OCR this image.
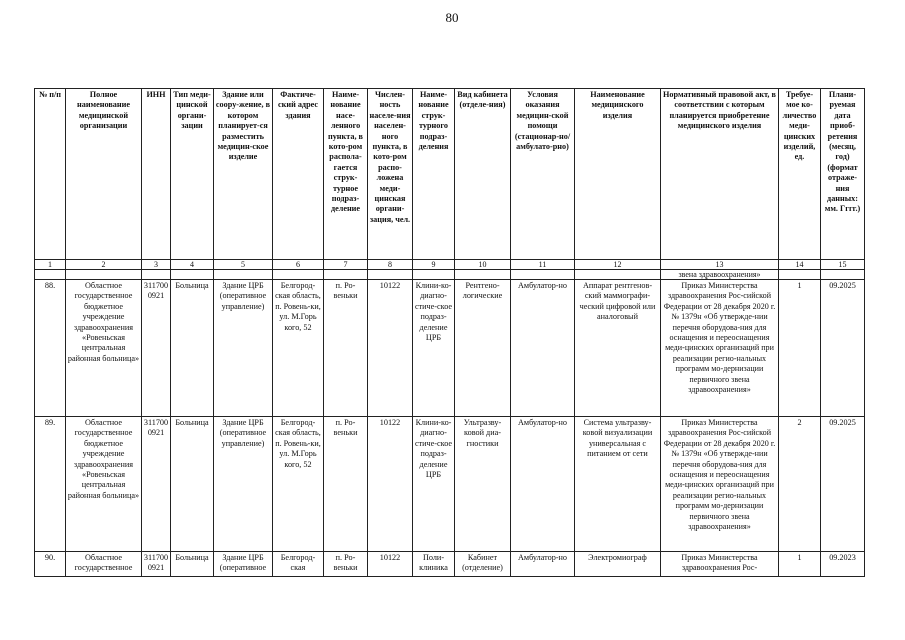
80
№ п/п	Полное наименование медицинской организации	ИНН	Тип меди-цинской органи-зации	Здание или соору-жение, в котором планирует-ся разместить медицин-ское изделие	Фактиче-ский адрес здания	Наиме-нование насе-ленного пункта, в кото-ром распола-гается струк-турное подраз-деление	Числен-ность населе-ния населен-ного пункта, в кото-ром распо-ложена меди-цинская органи-зация, чел.	Наиме-нование струк-турного подраз-деления	Вид кабинета (отделе-ния)	Условия оказания медицин-ской помощи (стационар-но/амбулато-рно)	Наименование медицинского изделия	Нормативный правовой акт, в соответствии с которым планируется приобретение медицинского изделия	Требуе-мое ко-личество меди-цинских изделий, ед.	Плани-руемая дата приоб-ретения (месяц, год) (формат отраже-ния данных: мм. Гггг.)
1	2	3	4	5	6	7	8	9	10	11	12	13	14	15
												звена здравоохранения»		
88.	Областное государственное бюджетное учреждение здравоохранения «Ровеньская центральная районная больница»	3117000921	Больница	Здание ЦРБ (оперативное управление)	Белгород-ская область, п. Ровень-ки, ул. М.Горь кого, 52	п. Ро-веньки	10122	Клини-ко-диагно-стиче-ское подраз-деление ЦРБ	Рентгено-логические	Амбулатор-но	Аппарат рентгенов-ский маммографи-ческий цифровой или аналоговый	Приказ Министерства здравоохранения Рос-сийской Федерации от 28 декабря 2020 г. № 1379н «Об утвержде-нии перечня оборудова-ния для оснащения и переоснащения меди-цинских организаций при реализации регио-нальных программ мо-дернизации первичного звена здравоохранения»	1	09.2025
89.	Областное государственное бюджетное учреждение здравоохранения «Ровеньская центральная районная больница»	3117000921	Больница	Здание ЦРБ (оперативное управление)	Белгород-ская область, п. Ровень-ки, ул. М.Горь кого, 52	п. Ро-веньки	10122	Клини-ко-диагно-стиче-ское подраз-деление ЦРБ	Ультразву-ковой диа-гностики	Амбулатор-но	Система ультразву-ковой визуализации универсальная с питанием от сети	Приказ Министерства здравоохранения Рос-сийской Федерации от 28 декабря 2020 г. № 1379н «Об утвержде-нии перечня оборудова-ния для оснащения и переоснащения меди-цинских организаций при реализации регио-нальных программ мо-дернизации первичного звена здравоохранения»	2	09.2025
90.	Областное государственное	3117000921	Больница	Здание ЦРБ (оперативное	Белгород-ская	п. Ро-веньки	10122	Поли-клиника	Кабинет (отделение)	Амбулатор-но	Электромиограф	Приказ Министерства здравоохранения Рос-	1	09.2023
